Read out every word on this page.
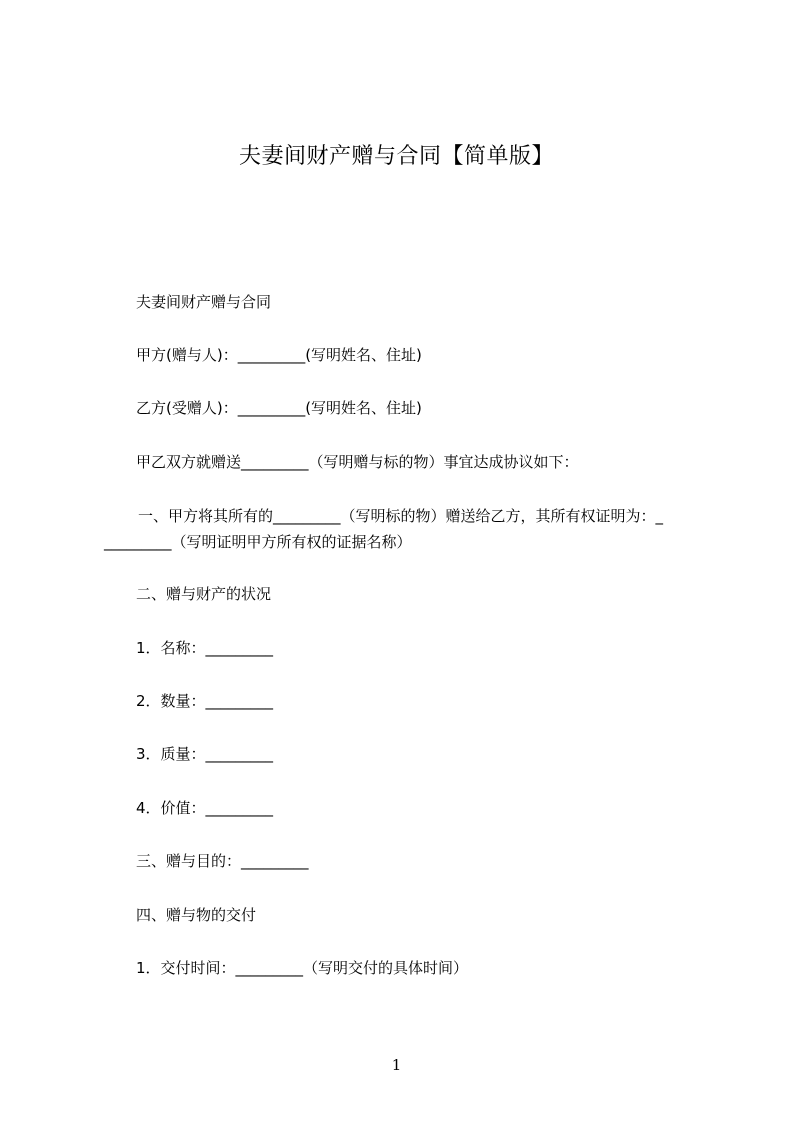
夫妻间财产赠与合同【简单版】
夫妻间财产赠与合同
甲方(赠与人)：_________(写明姓名、住址)
乙方(受赠人)：_________(写明姓名、住址)
甲乙双方就赠送_________（写明赠与标的物）事宜达成协议如下：
一、甲方将其所有的_________（写明标的物）赠送给乙方，其所有权证明为：_
_________（写明证明甲方所有权的证据名称）
二、赠与财产的状况
1．名称：_________
2．数量：_________
3．质量：_________
4．价值：_________
三、赠与目的：_________
四、赠与物的交付
1．交付时间：_________（写明交付的具体时间）
1
